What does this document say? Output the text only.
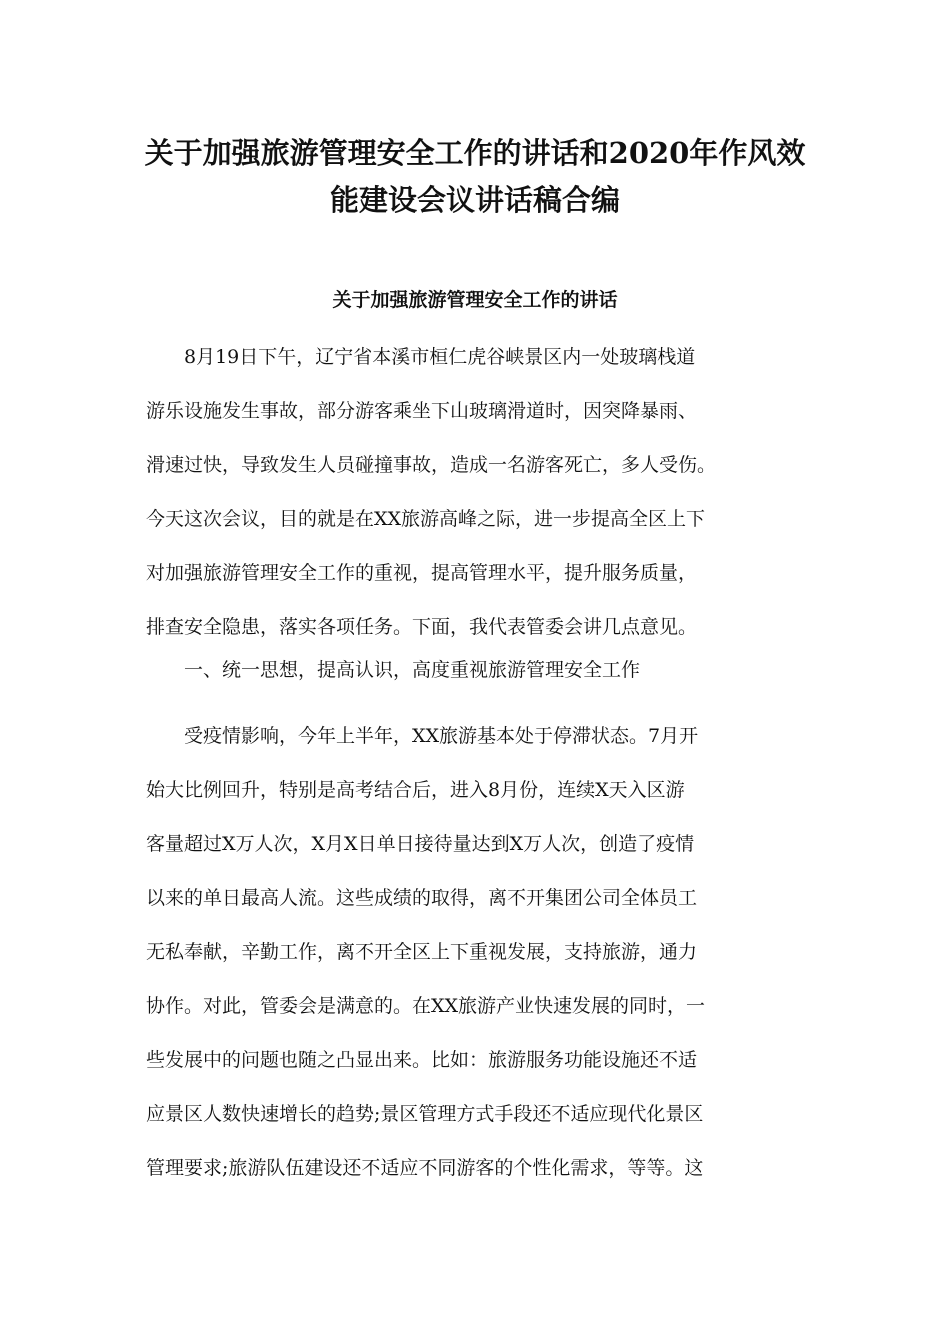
关于加强旅游管理安全工作的讲话和2020年作风效
能建设会议讲话稿合编
关于加强旅游管理安全工作的讲话
8月19日下午，辽宁省本溪市桓仁虎谷峡景区内一处玻璃栈道
游乐设施发生事故，部分游客乘坐下山玻璃滑道时，因突降暴雨、
滑速过快，导致发生人员碰撞事故，造成一名游客死亡，多人受伤。
今天这次会议，目的就是在XX旅游高峰之际，进一步提高全区上下
对加强旅游管理安全工作的重视，提高管理水平，提升服务质量，
排查安全隐患，落实各项任务。下面，我代表管委会讲几点意见。
一、统一思想，提高认识，高度重视旅游管理安全工作
受疫情影响，今年上半年，XX旅游基本处于停滞状态。7月开
始大比例回升，特别是高考结合后，进入8月份，连续X天入区游
客量超过X万人次，X月X日单日接待量达到X万人次，创造了疫情
以来的单日最高人流。这些成绩的取得，离不开集团公司全体员工
无私奉献，辛勤工作，离不开全区上下重视发展，支持旅游，通力
协作。对此，管委会是满意的。在XX旅游产业快速发展的同时，一
些发展中的问题也随之凸显出来。比如：旅游服务功能设施还不适
应景区人数快速增长的趋势;景区管理方式手段还不适应现代化景区
管理要求;旅游队伍建设还不适应不同游客的个性化需求，等等。这
